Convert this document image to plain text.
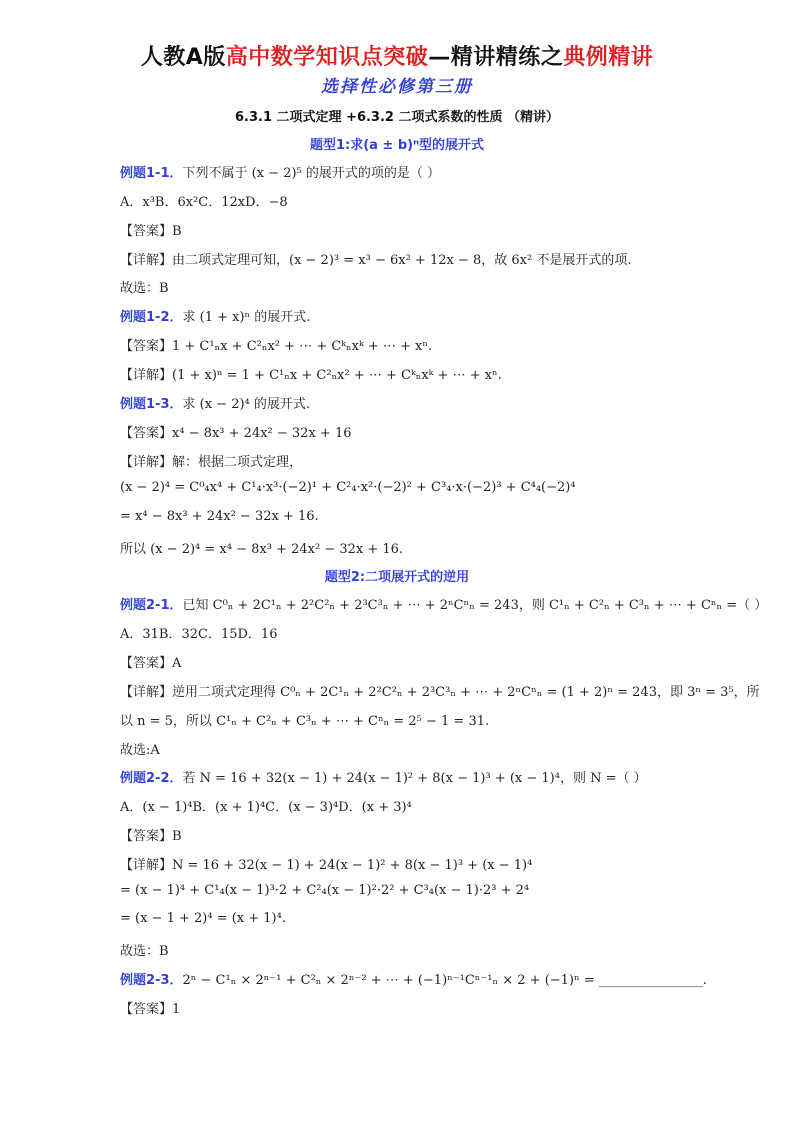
人教A版高中数学知识点突破—精讲精练之典例精讲
选择性必修第三册
6.3.1 二项式定理 +6.3.2 二项式系数的性质 （精讲）
题型1:求(a ± b)ⁿ型的展开式
例题1-1．下列不属于 (x − 2)⁵ 的展开式的项的是（ ）
A．x³B．6x²C．12xD．−8
【答案】B
【详解】由二项式定理可知，(x − 2)³ = x³ − 6x² + 12x − 8，故 6x² 不是展开式的项.
故选：B
例题1-2．求 (1 + x)ⁿ 的展开式.
【答案】1 + C¹ₙx + C²ₙx² + ⋯ + Cᵏₙxᵏ + ⋯ + xⁿ.
【详解】(1 + x)ⁿ = 1 + C¹ₙx + C²ₙx² + ⋯ + Cᵏₙxᵏ + ⋯ + xⁿ.
例题1-3．求 (x − 2)⁴ 的展开式.
【答案】x⁴ − 8x³ + 24x² − 32x + 16
【详解】解：根据二项式定理，
(x − 2)⁴ = C⁰₄x⁴ + C¹₄·x³·(−2)¹ + C²₄·x²·(−2)² + C³₄·x·(−2)³ + C⁴₄(−2)⁴
= x⁴ − 8x³ + 24x² − 32x + 16.
所以 (x − 2)⁴ = x⁴ − 8x³ + 24x² − 32x + 16.
题型2:二项展开式的逆用
例题2-1．已知 C⁰ₙ + 2C¹ₙ + 2²C²ₙ + 2³C³ₙ + ⋯ + 2ⁿCⁿₙ = 243，则 C¹ₙ + C²ₙ + C³ₙ + ⋯ + Cⁿₙ =（ ）
A．31B．32C．15D．16
【答案】A
【详解】逆用二项式定理得 C⁰ₙ + 2C¹ₙ + 2²C²ₙ + 2³C³ₙ + ⋯ + 2ⁿCⁿₙ = (1 + 2)ⁿ = 243，即 3ⁿ = 3⁵，所
以 n = 5，所以 C¹ₙ + C²ₙ + C³ₙ + ⋯ + Cⁿₙ = 2⁵ − 1 = 31.
故选:A
例题2-2．若 N = 16 + 32(x − 1) + 24(x − 1)² + 8(x − 1)³ + (x − 1)⁴，则 N =（ ）
A．(x − 1)⁴B．(x + 1)⁴C．(x − 3)⁴D．(x + 3)⁴
【答案】B
【详解】N = 16 + 32(x − 1) + 24(x − 1)² + 8(x − 1)³ + (x − 1)⁴
= (x − 1)⁴ + C¹₄(x − 1)³·2 + C²₄(x − 1)²·2² + C³₄(x − 1)·2³ + 2⁴
= (x − 1 + 2)⁴ = (x + 1)⁴.
故选：B
例题2-3．2ⁿ − C¹ₙ × 2ⁿ⁻¹ + C²ₙ × 2ⁿ⁻² + ⋯ + (−1)ⁿ⁻¹Cⁿ⁻¹ₙ × 2 + (−1)ⁿ = ________________.
【答案】1
